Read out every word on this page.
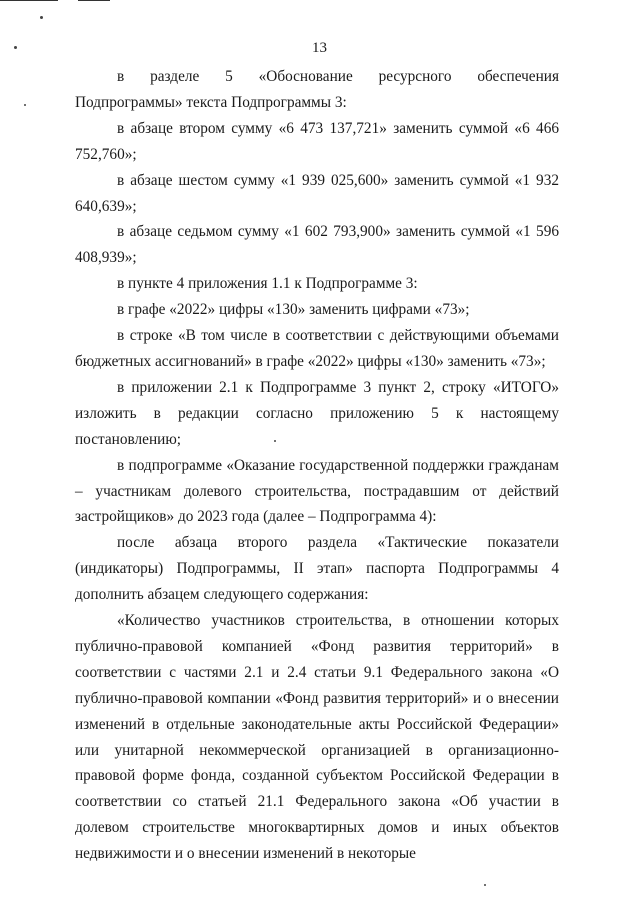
13

в разделе 5 «Обоснование ресурсного обеспечения Подпрограммы» текста Подпрограммы 3:

в абзаце втором сумму «6 473 137,721» заменить суммой «6 466 752,760»;

в абзаце шестом сумму «1 939 025,600» заменить суммой «1 932 640,639»;

в абзаце седьмом сумму «1 602 793,900» заменить суммой «1 596 408,939»;

в пункте 4 приложения 1.1 к Подпрограмме 3:

в графе «2022» цифры «130» заменить цифрами «73»;

в строке «В том числе в соответствии с действующими объемами бюджетных ассигнований» в графе «2022» цифры «130» заменить «73»;

в приложении 2.1 к Подпрограмме 3 пункт 2, строку «ИТОГО» изложить в редакции согласно приложению 5 к настоящему постановлению;

в подпрограмме «Оказание государственной поддержки гражданам – участникам долевого строительства, пострадавшим от действий застройщиков» до 2023 года (далее – Подпрограмма 4):

после абзаца второго раздела «Тактические показатели (индикаторы) Подпрограммы, II этап» паспорта Подпрограммы 4 дополнить абзацем следующего содержания:

«Количество участников строительства, в отношении которых публично-правовой компанией «Фонд развития территорий» в соответствии с частями 2.1 и 2.4 статьи 9.1 Федерального закона «О публично-правовой компании «Фонд развития территорий» и о внесении изменений в отдельные законодательные акты Российской Федерации» или унитарной некоммерческой организацией в организационно-правовой форме фонда, созданной субъектом Российской Федерации в соответствии со статьей 21.1 Федерального закона «Об участии в долевом строительстве многоквартирных домов и иных объектов недвижимости и о внесении изменений в некоторые
